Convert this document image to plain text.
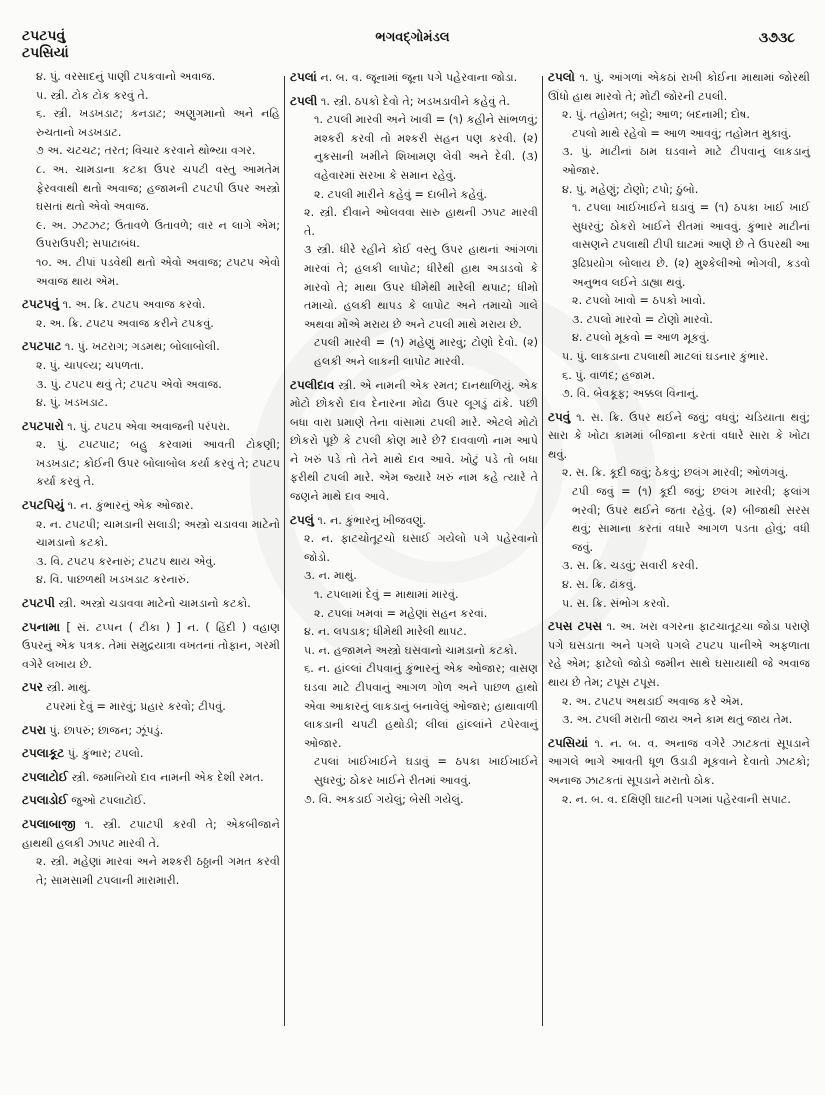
ટપટપવું
ટપસિયાં
ભગવદ્ગોમંડલ	૩૭૩૮
૪. પું. વરસાદનું પાણી ટપકવાનો અવાજ.
૫. સ્ત્રી. ટોક ટોક કરવું તે.
૬. સ્ત્રી. ખડખડાટ; કનડાટ; અણુગમાનો અને નહિ રુચતાનો ખડખડાટ.
૭ અ. ચટચટ; તરત; વિચાર કરવાને થોભ્યા વગર.
૮. અ. ચામડાના કટકા ઉપર ચપટી વસ્તુ આમતેમ ફેરવવાથી થતો અવાજ; હજામની ટપટપી ઉપર અસ્ત્રો ઘસતાં થતો એવો અવાજ.
૯. અ. ઝટઝટ; ઉતાવળે ઉતાવળે; વાર ન લાગે એમ; ઉપરાઉપરી; સપાટાબંધ.
૧૦. અ. ટીપાં પડવેથી થતો એવો અવાજ; ટપટપ એવો અવાજ થાય એમ.
ટપટપવું ૧. અ. ક્રિ. ટપટપ અવાજ કરવો.
૨. અ. ક્રિ. ટપટપ અવાજ કરીને ટપકવું.
ટપટપાટ ૧. પું. ખટરાગ; ગડમથ; બોલાબોલી.
૨. પું. ચાપલ્ય; ચપળતા.
૩. પું. ટપટપ થવું તે; ટપટપ એવો અવાજ.
૪. પું. ખડખડાટ.
ટપટપારો ૧. પું. ટપટપ એવા અવાજની પરંપરા.
૨. પું. ટપટપાટ; બહુ કરવામાં આવતી ટોકણી; ખડખડાટ; કોઈની ઉપર બોલાબોલ કર્યા કરવું તે; ટપટપ કર્યા કરવું તે.
ટપટપિયું ૧. ન. કુંભારનું એક ઓજાર.
૨. ન. ટપટપી; ચામડાની સલાડી; અસ્ત્રો ચડાવવા માટેનો ચામડાનો કટકો.
૩. વિ. ટપટપ કરનારું; ટપટપ થાય એવું.
૪. વિ. પાછળથી ખડખડાટ કરનારું.
ટપટપી સ્ત્રી. અસ્ત્રો ચડાવવા માટેનો ચામડાનો કટકો.
ટપનામા [ સં. ટપ્પન ( ટીકા ) ] ન. ( હિંદી ) વહાણ ઉપરનું એક પત્રક. તેમાં સમુદ્રયાત્રા વખતનાં તોફાન, ગરમી વગેરે લખાય છે.
ટપર સ્ત્રી. માથું.
ટપરમાં દેવું = મારવું; પ્રહાર કરવો; ટીપવું.
ટપરા પું. છાપરું; છાજન; ઝૂંપડું.
ટપલાકૂટ પું. કુંભાર; ટપલો.
ટપલાટોઈ સ્ત્રી. જમાનિયો દાવ નામની એક દેશી રમત.
ટપલાડોઈ જુઓ ટપલાટોઈ.
ટપલાબાજી ૧. સ્ત્રી. ટપાટપી કરવી તે; એકબીજાને હાથથી હલકી ઝાપટ મારવી તે.
૨. સ્ત્રી. મહેણાં મારવાં અને મશ્કરી ઠઠ્ઠાની ગમત કરવી તે; સામસામી ટપલાની મારામારી.
ટપલાં ન. બ. વ. જૂનામાં જૂના પગે પહેરવાના જોડા.
ટપલી ૧. સ્ત્રી. ઠપકો દેવો તે; ખડખડાવીને કહેવું તે.
૧. ટપલી મારવી અને ખાવી = (૧) કહીને સાંભળવું; મશ્કરી કરવી તો મશ્કરી સહન પણ કરવી. (૨) નુકસાની ખમીને શિખામણ લેવી અને દેવી. (૩) વહેવારમાં સરખા કે સમાન રહેવું.
૨. ટપલી મારીને કહેવું = દાબીને કહેવું.
૨. સ્ત્રી. દીવાને ઓલવવા સારુ હાથની ઝપટ મારવી તે.
૩ સ્ત્રી. ધીરે રહીને કોઈ વસ્તુ ઉપર હાથનાં આંગળાં મારવાં તે; હલકી લાપોટ; ધીરેથી હાથ અડાડવો કે મારવો તે; માથા ઉપર ધીમેથી મારેલી થપાટ; ધીમો તમાચો. હલકી થાપડ કે લાપોટ અને તમાચો ગાલે અથવા મોંએ મરાય છે અને ટપલી માથે મરાય છે.
ટપલી મારવી = (૧) મહેણું મારવું; ટોણો દેવો. (૨) હલકી અને લાકની લાપોટ મારવી.
ટપલીદાવ સ્ત્રી. એ નામની એક રમત; દાનથાળિયું. એક મોટો છોકરો દાવ દેનારના મોઢા ઉપર લૂગડું ઢાંકે. પછી બધા વારા પ્રમાણે તેના વાંસામાં ટપલી મારે. એટલે મોટો છોકરો પૂછે કે ટપલી કોણ મારે છે? દાવવાળો નામ આપે ને ખરું પડે તો તેને માથે દાવ આવે. ખોટું પડે તો બધા ફરીથી ટપલી મારે. એમ જ્યારે ખરું નામ કહે ત્યારે તે જણને માથે દાવ આવે.
ટપલું ૧. ન. કુંભારનું ખીજવણું.
૨. ન. ફાટચોતૂટચો ઘસાઈ ગયેલો પગે પહેરવાનો જોડો.
૩. ન. માથું.
૧. ટપલામાં દેવું = માથામાં મારવું.
૨. ટપલાં ખમવાં = મહેણાં સહન કરવાં.
૪. ન. લપડાક; ધીમેથી મારેલી થાપટ.
૫. ન. હજામને અસ્ત્રો ઘસવાનો ચામડાનો કટકો.
૬. ન. હાંલ્લાં ટીપવાનું કુંભારનું એક ઓજાર; વાસણ ઘડવા માટે ટીપવાનું આગળ ગોળ અને પાછળ હાથો એવા આકારનું લાકડાનું બનાવેલું ઓજાર; હાથાવાળી લાકડાની ચપટી હથોડી; લીલાં હાંલ્લાંને ટપેરવાનું ઓજાર.
ટપલાં ખાઈખાઈને ઘડાવું = ઠપકા ખાઈખાઈને સુધરવું; ઠોકર ખાઈને રીતમાં આવવું.
૭. વિ. અકડાઈ ગયેલું; બેસી ગયેલું.
ટપલો ૧. પું. આંગળાં એકઠાં રાખી કોઈના માથામાં જોરથી ઊંધો હાથ મારવો તે; મોટી જોરની ટપલી.
૨. પું. તહોમત; બટ્ટો; આળ; બદનામી; દોષ.
ટપલો માથે રહેવો = આળ આવવું; તહોમત મુકાવું.
૩. પું. માટીનાં ઠામ ઘડવાને માટે ટીપવાનું લાકડાનું ઓજાર.
૪. પું. મહેણું; ટોણો; ટપો; ઠુંબો.
૧. ટપલા ખાઈખાઈને ઘડાવું = (૧) ઠપકા ખાઈ ખાઈ સુધરવું; ઠોકરો ખાઈને રીતમાં આવવું. કુંભાર માટીનાં વાસણને ટપલાથી ટીપી ઘાટમાં આણે છે તે ઉપરથી આ રૂઢિપ્રયોગ બોલાય છે. (૨) મુશ્કેલીઓ ભોગવી, કડવો અનુભવ લઈને ડાહ્યા થવું.
૨. ટપલો ખાવો = ઠપકો ખાવો.
૩. ટપલો મારવો = ટોણો મારવો.
૪. ટપલો મૂકવો = આળ મૂકવું.
૫. પું. લાકડાના ટપલાથી માટલાં ઘડનાર કુંભાર.
૬. પું. વાળંદ; હજામ.
૭. વિ. બેવકૂફ; અક્કલ વિનાનું.
ટપવું ૧. સ. ક્રિ. ઉપર થઈને જવું; વધવું; ચડિયાતા થવું; સારા કે ખોટા કામમાં બીજાના કરતાં વધારે સારા કે ખોટા થવું.
૨. સ. ક્રિ. કૂદી જવું; ઠેકવું; છલંગ મારવી; ઓળંગવું.
ટપી જવું = (૧) કૂદી જવું; છલંગ મારવી; ફલાંગ ભરવી; ઉપર થઈને જતા રહેવું. (૨) બીજાથી સરસ થવું; સામાના કરતાં વધારે આગળ પડતા હોવું; વધી જવું.
૩. સ. ક્રિ. ચડવું; સવારી કરવી.
૪. સ. ક્રિ. ઢાંકવું.
૫. સ. ક્રિ. સંભોગ કરવો.
ટપસ ટપસ ૧. અ. ખરા વગરના ફાટચાતૂટચા જોડા પરાણે પગે ઘસડાતા અને પગલે પગલે ટપટપ પાનીએ અફળાતા રહે એમ; ફાટેલો જોડો જમીન સાથે ઘસાયાથી જે અવાજ થાય છે તેમ; ટપૂસ ટપૂસ.
૨. અ. ટપટપ અથડાઈ અવાજ કરે એમ.
૩. અ. ટપલી મરાતી જાય અને કામ થતું જાય તેમ.
ટપસિયાં ૧. ન. બ. વ. અનાજ વગેરે ઝાટકતાં સૂપડાને આગલે ભાગે આવતી ધૂળ ઉડાડી મૂકવાને દેવાતો ઝાટકો; અનાજ ઝાટકતાં સૂપડાને મરાતો ઠોક.
૨. ન. બ. વ. દક્ષિણી ઘાટની પગમાં પહેરવાની સપાટ.
